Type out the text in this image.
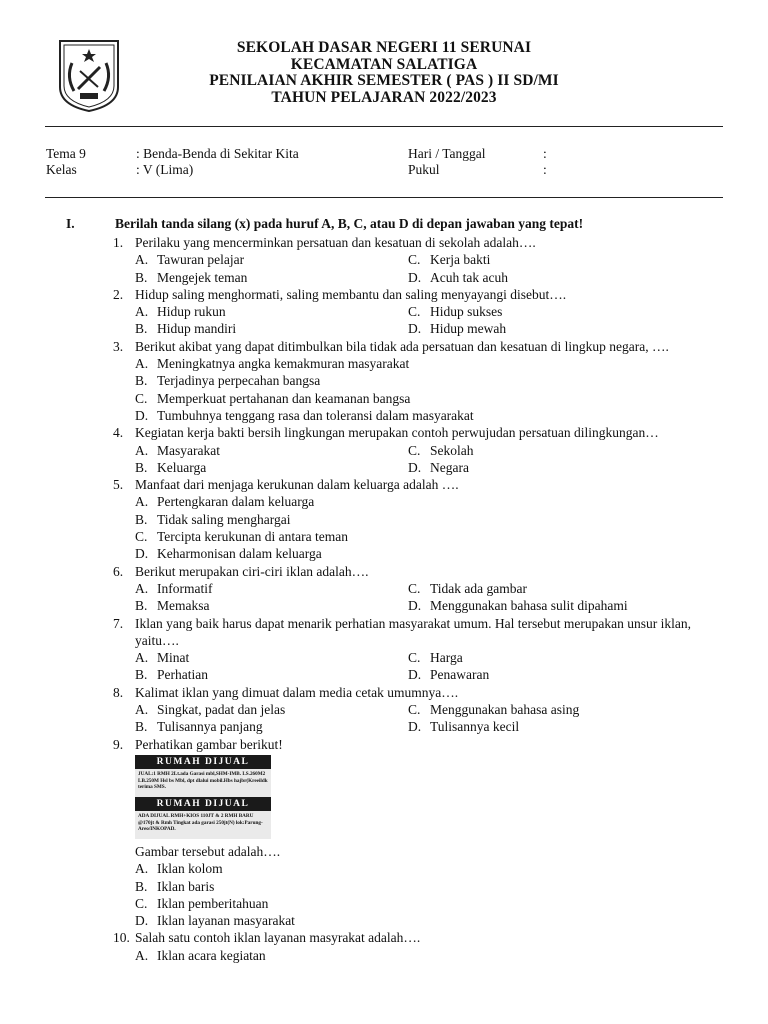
SEKOLAH DASAR NEGERI 11 SERUNAI
KECAMATAN SALATIGA
PENILAIAN AKHIR SEMESTER ( PAS ) II SD/MI
TAHUN PELAJARAN 2022/2023
Tema 9	: Benda-Benda di Sekitar Kita
Kelas	: V (Lima)
Hari / Tanggal	:
Pukul	:
I.	Berilah tanda silang (x) pada huruf A, B, C, atau D di depan jawaban yang tepat!
1. Perilaku yang mencerminkan persatuan dan kesatuan di sekolah adalah….
A. Tawuran pelajar	C. Kerja bakti
B. Mengejek teman	D. Acuh tak acuh
2. Hidup saling menghormati, saling membantu dan saling menyayangi disebut….
A. Hidup rukun	C. Hidup sukses
B. Hidup mandiri	D. Hidup mewah
3. Berikut akibat yang dapat ditimbulkan bila tidak ada persatuan dan kesatuan di lingkup negara, ….
A. Meningkatnya angka kemakmuran masyarakat
B. Terjadinya perpecahan bangsa
C. Memperkuat pertahanan dan keamanan bangsa
D. Tumbuhnya tenggang rasa dan toleransi dalam masyarakat
4. Kegiatan kerja bakti bersih lingkungan merupakan contoh perwujudan persatuan dilingkungan…
A. Masyarakat	C. Sekolah
B. Keluarga	D. Negara
5. Manfaat dari menjaga kerukunan dalam keluarga adalah ….
A. Pertengkaran dalam keluarga
B. Tidak saling menghargai
C. Tercipta kerukunan di antara teman
D. Keharmonisan dalam keluarga
6. Berikut merupakan ciri-ciri iklan adalah….
A. Informatif	C. Tidak ada gambar
B. Memaksa	D. Menggunakan bahasa sulit dipahami
7. Iklan yang baik harus dapat menarik perhatian masyarakat umum. Hal tersebut merupakan unsur iklan, yaitu….
A. Minat	C. Harga
B. Perhatian	D. Penawaran
8. Kalimat iklan yang dimuat dalam media cetak umumnya….
A. Singkat, padat dan jelas	C. Menggunakan bahasa asing
B. Tulisannya panjang	D. Tulisannya kecil
9. Perhatikan gambar berikut!
RUMAH DIJUAL
JUAL:1 RMH 2Lt.ada Garasi mbl,SHM-IMB. LS.260M2 LB.250M Hsl bs Mbl, dpt dlalui mobil.Hbs hajbr(Kreeildk terima SMS.
RUMAH DIJUAL
ADA DIJUAL RMH+KIOS 110JT & 2 RMH BARU @170jt & Rmh Tingkat ada garasi 250jt(N) lok:Parung-Areo/INKOPAD.
Gambar tersebut adalah….
A. Iklan kolom
B. Iklan baris
C. Iklan pemberitahuan
D. Iklan layanan masyarakat
10. Salah satu contoh iklan layanan masyrakat adalah….
A. Iklan acara kegiatan
